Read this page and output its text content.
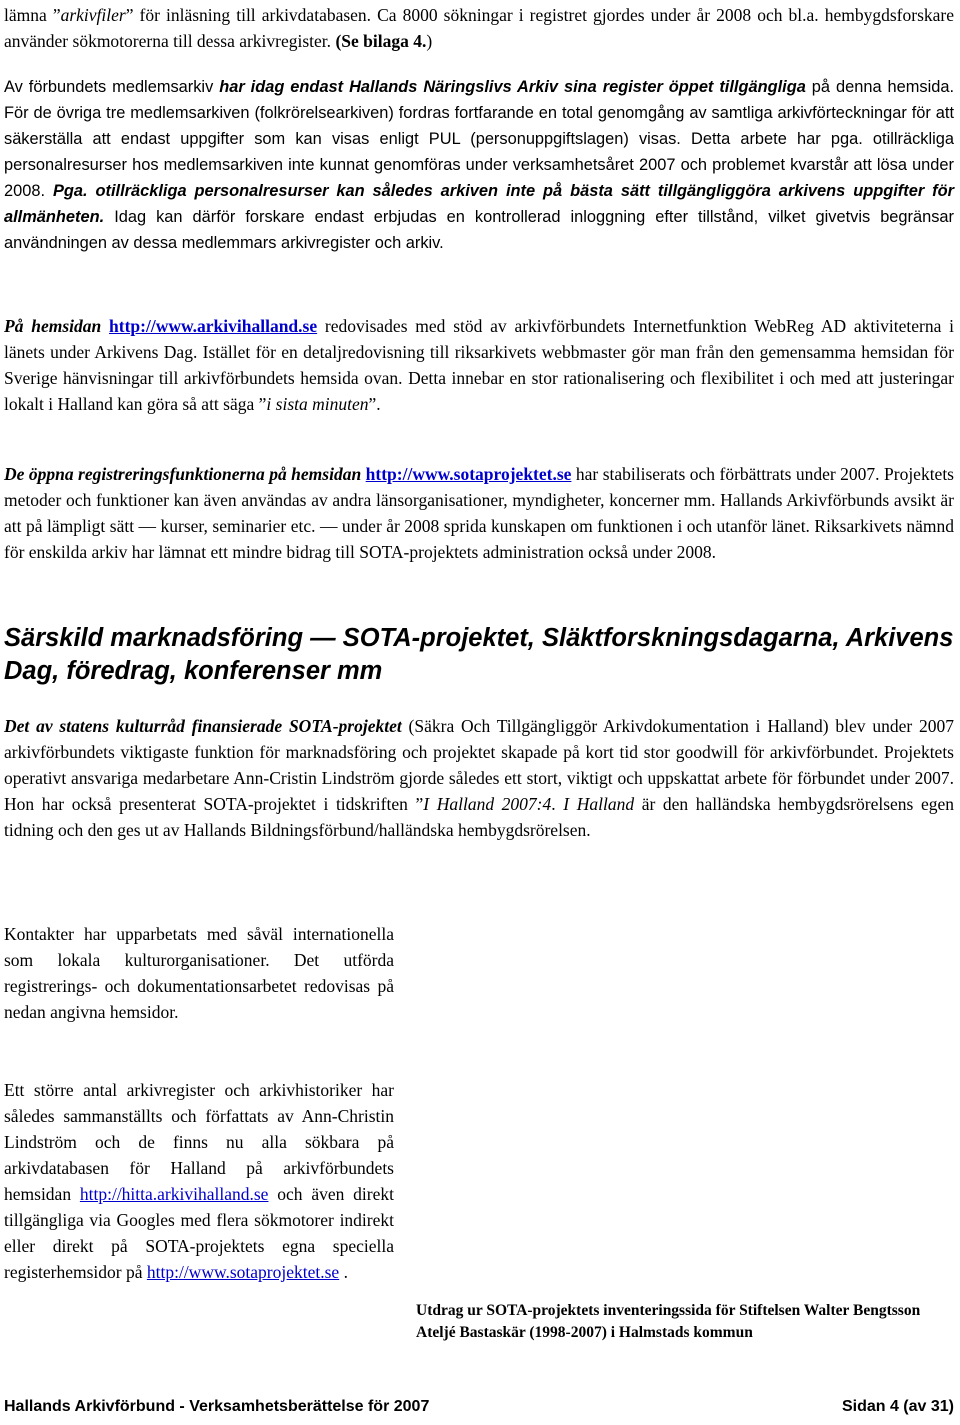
lämna ”arkivfiler” för inläsning till arkivdatabasen. Ca 8000 sökningar i registret gjordes under år 2008 och bl.a. hembygdsforskare använder sökmotorerna till dessa arkivregister. (Se bilaga 4.)

Av förbundets medlemsarkiv har idag endast Hallands Näringslivs Arkiv sina register öppet tillgängliga på denna hemsida. För de övriga tre medlemsarkiven (folkrörelsearkiven) fordras fortfarande en total genomgång av samtliga arkivförteckningar för att säkerställa att endast uppgifter som kan visas enligt PUL (personuppgiftslagen) visas. Detta arbete har pga. otillräckliga personalresurser hos medlemsarkiven inte kunnat genomföras under verksamhetsåret 2007 och problemet kvarstår att lösa under 2008. Pga. otillräckliga personalresurser kan således arkiven inte på bästa sätt tillgängliggöra arkivens uppgifter för allmänheten. Idag kan därför forskare endast erbjudas en kontrollerad inloggning efter tillstånd, vilket givetvis begränsar användningen av dessa medlemmars arkivregister och arkiv.

På hemsidan http://www.arkivihalland.se redovisades med stöd av arkivförbundets Internetfunktion WebReg AD aktiviteterna i länets under Arkivens Dag. Istället för en detaljredovisning till riksarkivets webbmaster gör man från den gemensamma hemsidan för Sverige hänvisningar till arkivförbundets hemsida ovan. Detta innebar en stor rationalisering och flexibilitet i och med att justeringar lokalt i Halland kan göra så att säga ”i sista minuten”.

De öppna registreringsfunktionerna på hemsidan http://www.sotaprojektet.se har stabiliserats och förbättrats under 2007. Projektets metoder och funktioner kan även användas av andra länsorganisationer, myndigheter, koncerner mm. Hallands Arkivförbunds avsikt är att på lämpligt sätt — kurser, seminarier etc. — under år 2008 sprida kunskapen om funktionen i och utanför länet. Riksarkivets nämnd för enskilda arkiv har lämnat ett mindre bidrag till SOTA-projektets administration också under 2008.

Särskild marknadsföring — SOTA-projektet, Släktforskningsdagarna, Arkivens Dag, föredrag, konferenser mm

Det av statens kulturråd finansierade SOTA-projektet (Säkra Och Tillgängliggör Arkivdokumentation i Halland) blev under 2007 arkivförbundets viktigaste funktion för marknadsföring och projektet skapade på kort tid stor goodwill för arkivförbundet. Projektets operativt ansvariga medarbetare Ann-Cristin Lindström gjorde således ett stort, viktigt och uppskattat arbete för förbundet under 2007. Hon har också presenterat SOTA-projektet i tidskriften ”I Halland 2007:4. I Halland är den halländska hembygdsrörelsens egen tidning och den ges ut av Hallands Bildningsförbund/halländska hembygdsrörelsen.

Kontakter har upparbetats med såväl internationella som lokala kulturorganisationer. Det utförda registrerings- och dokumentationsarbetet redovisas på nedan angivna hemsidor.

Ett större antal arkivregister och arkivhistoriker har således sammanställts och författats av Ann-Christin Lindström och de finns nu alla sökbara på arkivdatabasen för Halland på arkivförbundets hemsidan http://hitta.arkivihalland.se och även direkt tillgängliga via Googles med flera sökmotorer indirekt eller direkt på SOTA-projektets egna speciella registerhemsidor på http://www.sotaprojektet.se .

Utdrag ur SOTA-projektets inventeringssida för Stiftelsen Walter Bengtsson Ateljé Bastaskär (1998-2007) i Halmstads kommun

Hallands Arkivförbund - Verksamhetsberättelse för 2007	Sidan 4 (av 31)
